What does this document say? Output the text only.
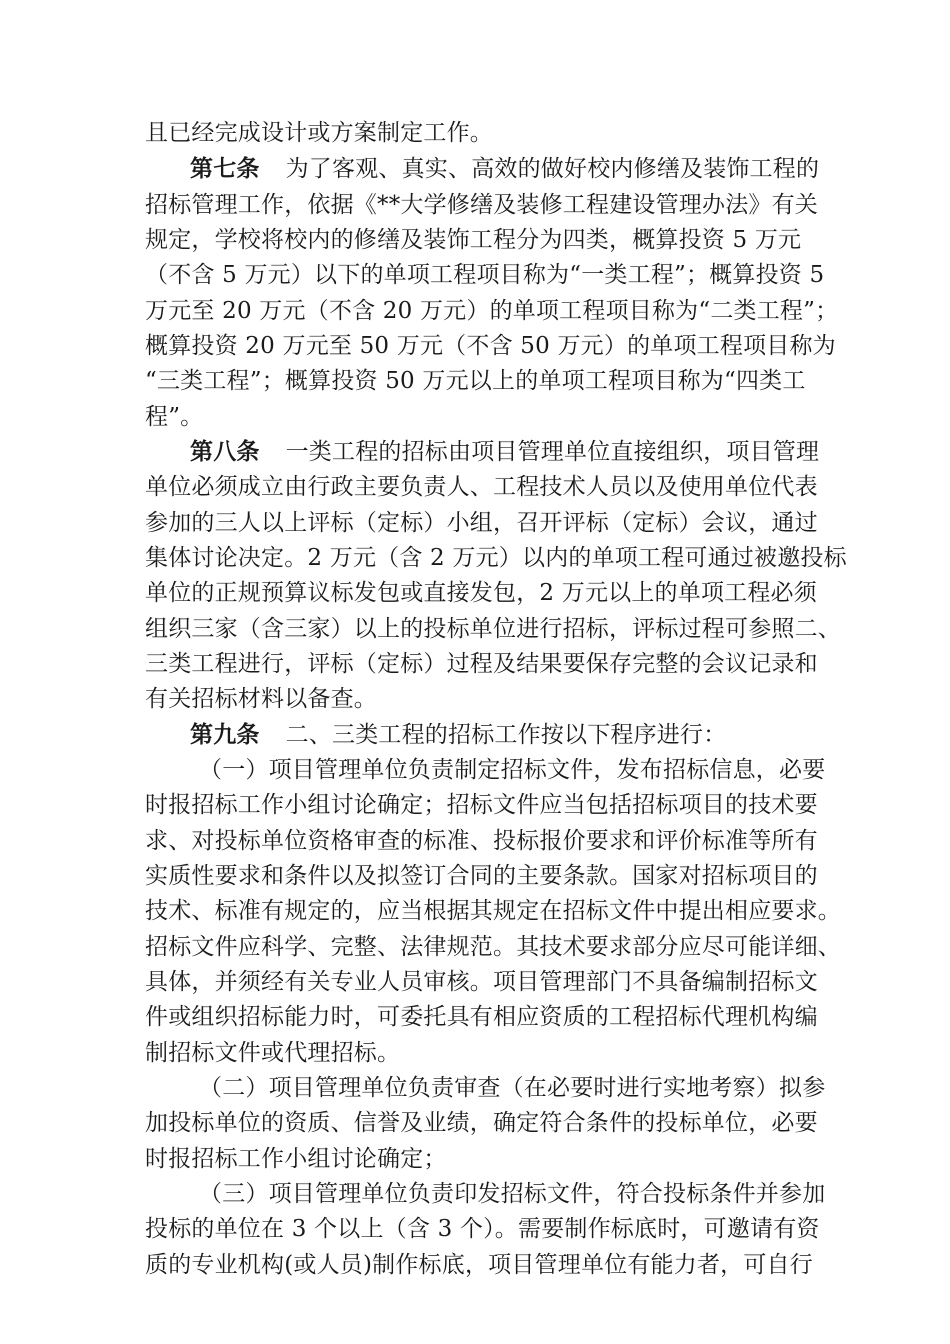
且已经完成设计或方案制定工作。
第七条 为了客观、真实、高效的做好校内修缮及装饰工程的
招标管理工作，依据《**大学修缮及装修工程建设管理办法》有关
规定，学校将校内的修缮及装饰工程分为四类，概算投资 5 万元
（不含 5 万元）以下的单项工程项目称为“一类工程”；概算投资 5
万元至 20 万元（不含 20 万元）的单项工程项目称为“二类工程”；
概算投资 20 万元至 50 万元（不含 50 万元）的单项工程项目称为
“三类工程”；概算投资 50 万元以上的单项工程项目称为“四类工
程”。
第八条 一类工程的招标由项目管理单位直接组织，项目管理
单位必须成立由行政主要负责人、工程技术人员以及使用单位代表
参加的三人以上评标（定标）小组，召开评标（定标）会议，通过
集体讨论决定。2 万元（含 2 万元）以内的单项工程可通过被邀投标
单位的正规预算议标发包或直接发包，2 万元以上的单项工程必须
组织三家（含三家）以上的投标单位进行招标，评标过程可参照二、
三类工程进行，评标（定标）过程及结果要保存完整的会议记录和
有关招标材料以备查。
第九条 二、三类工程的招标工作按以下程序进行：
（一）项目管理单位负责制定招标文件，发布招标信息，必要
时报招标工作小组讨论确定；招标文件应当包括招标项目的技术要
求、对投标单位资格审查的标准、投标报价要求和评价标准等所有
实质性要求和条件以及拟签订合同的主要条款。国家对招标项目的
技术、标准有规定的，应当根据其规定在招标文件中提出相应要求。
招标文件应科学、完整、法律规范。其技术要求部分应尽可能详细、
具体，并须经有关专业人员审核。项目管理部门不具备编制招标文
件或组织招标能力时，可委托具有相应资质的工程招标代理机构编
制招标文件或代理招标。
（二）项目管理单位负责审查（在必要时进行实地考察）拟参
加投标单位的资质、信誉及业绩，确定符合条件的投标单位，必要
时报招标工作小组讨论确定；
（三）项目管理单位负责印发招标文件，符合投标条件并参加
投标的单位在 3 个以上（含 3 个）。需要制作标底时，可邀请有资
质的专业机构(或人员)制作标底，项目管理单位有能力者，可自行
